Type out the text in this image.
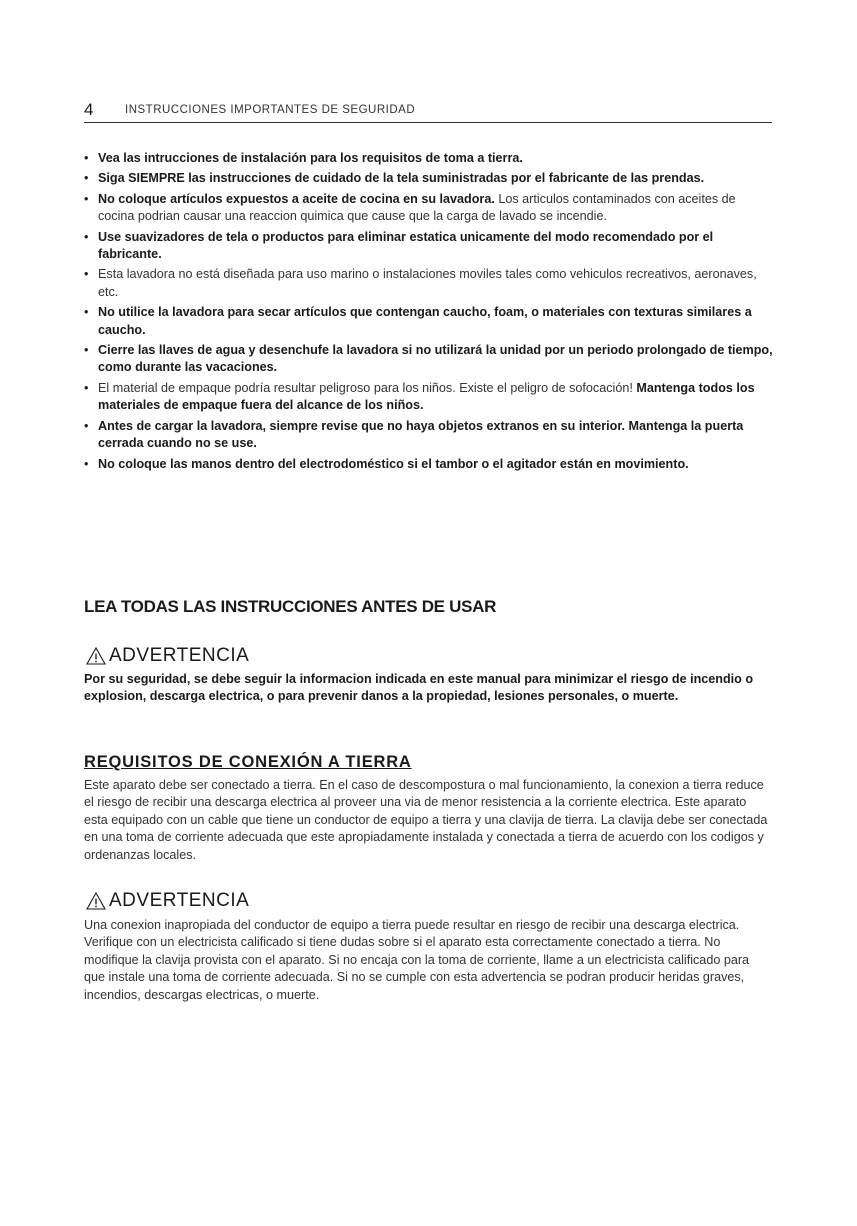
4	INSTRUCCIONES IMPORTANTES DE SEGURIDAD
• Vea las intrucciones de instalación para los requisitos de toma a tierra.
• Siga SIEMPRE las instrucciones de cuidado de la tela suministradas por el fabricante de las prendas.
• No coloque artículos expuestos a aceite de cocina en su lavadora. Los articulos contaminados con aceites de cocina podrian causar una reaccion quimica que cause que la carga de lavado se incendie.
• Use suavizadores de tela o productos para eliminar estatica unicamente del modo recomendado por el fabricante.
• Esta lavadora no está diseñada para uso marino o instalaciones moviles tales como vehiculos recreativos, aeronaves, etc.
• No utilice la lavadora para secar artículos que contengan caucho, foam, o materiales con texturas similares a caucho.
• Cierre las llaves de agua y desenchufe la lavadora si no utilizará la unidad por un periodo prolongado de tiempo, como durante las vacaciones.
• El material de empaque podría resultar peligroso para los niños. Existe el peligro de sofocación! Mantenga todos los materiales de empaque fuera del alcance de los niños.
• Antes de cargar la lavadora, siempre revise que no haya objetos extranos en su interior. Mantenga la puerta cerrada cuando no se use.
• No coloque las manos dentro del electrodoméstico si el tambor o el agitador están en movimiento.
LEA TODAS LAS INSTRUCCIONES ANTES DE USAR
ADVERTENCIA
Por su seguridad, se debe seguir la informacion indicada en este manual para minimizar el riesgo de incendio o explosion, descarga electrica, o para prevenir danos a la propiedad, lesiones personales, o muerte.
REQUISITOS DE CONEXIÓN A TIERRA
Este aparato debe ser conectado a tierra. En el caso de descompostura o mal funcionamiento, la conexion a tierra reduce el riesgo de recibir una descarga electrica al proveer una via de menor resistencia a la corriente electrica. Este aparato esta equipado con un cable que tiene un conductor de equipo a tierra y una clavija de tierra. La clavija debe ser conectada en una toma de corriente adecuada que este apropiadamente instalada y conectada a tierra de acuerdo con los codigos y ordenanzas locales.
ADVERTENCIA
Una conexion inapropiada del conductor de equipo a tierra puede resultar en riesgo de recibir una descarga electrica. Verifique con un electricista calificado si tiene dudas sobre si el aparato esta correctamente conectado a tierra. No modifique la clavija provista con el aparato. Si no encaja con la toma de corriente, llame a un electricista calificado para que instale una toma de corriente adecuada. Si no se cumple con esta advertencia se podran producir heridas graves, incendios, descargas electricas, o muerte.
